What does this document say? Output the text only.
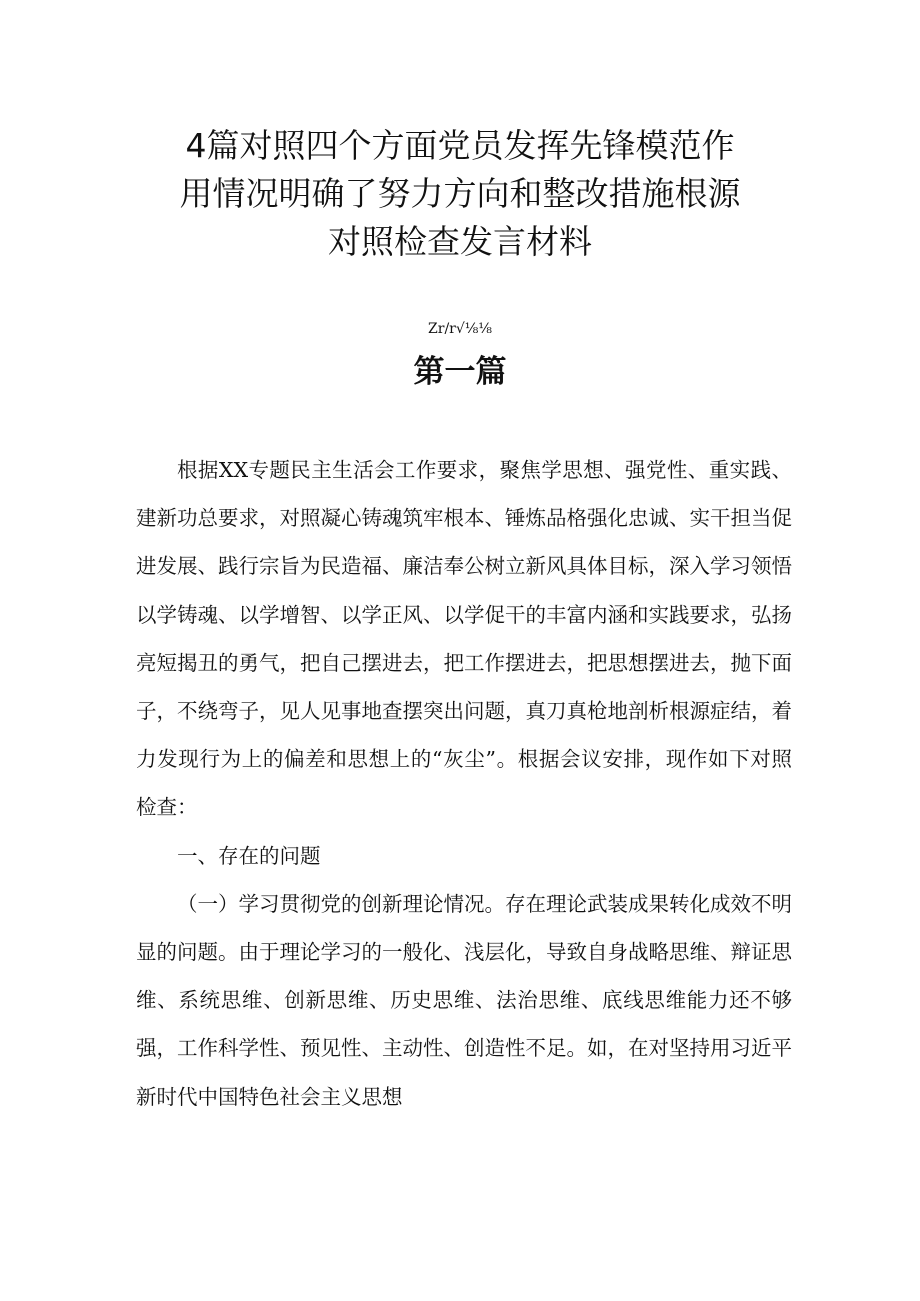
4篇对照四个方面党员发挥先锋模范作
用情况明确了努力方向和整改措施根源
对照检查发言材料
Zr/r√⅛⅛
第一篇

根据XX专题民主生活会工作要求，聚焦学思想、强党性、重实践、建新功总要求，对照凝心铸魂筑牢根本、锤炼品格强化忠诚、实干担当促进发展、践行宗旨为民造福、廉洁奉公树立新风具体目标，深入学习领悟以学铸魂、以学增智、以学正风、以学促干的丰富内涵和实践要求，弘扬亮短揭丑的勇气，把自己摆进去，把工作摆进去，把思想摆进去，抛下面子，不绕弯子，见人见事地查摆突出问题，真刀真枪地剖析根源症结，着力发现行为上的偏差和思想上的“灰尘”。根据会议安排，现作如下对照检查：

一、存在的问题

（一）学习贯彻党的创新理论情况。存在理论武装成果转化成效不明显的问题。由于理论学习的一般化、浅层化，导致自身战略思维、辩证思维、系统思维、创新思维、历史思维、法治思维、底线思维能力还不够强，工作科学性、预见性、主动性、创造性不足。如，在对坚持用习近平新时代中国特色社会主义思想
